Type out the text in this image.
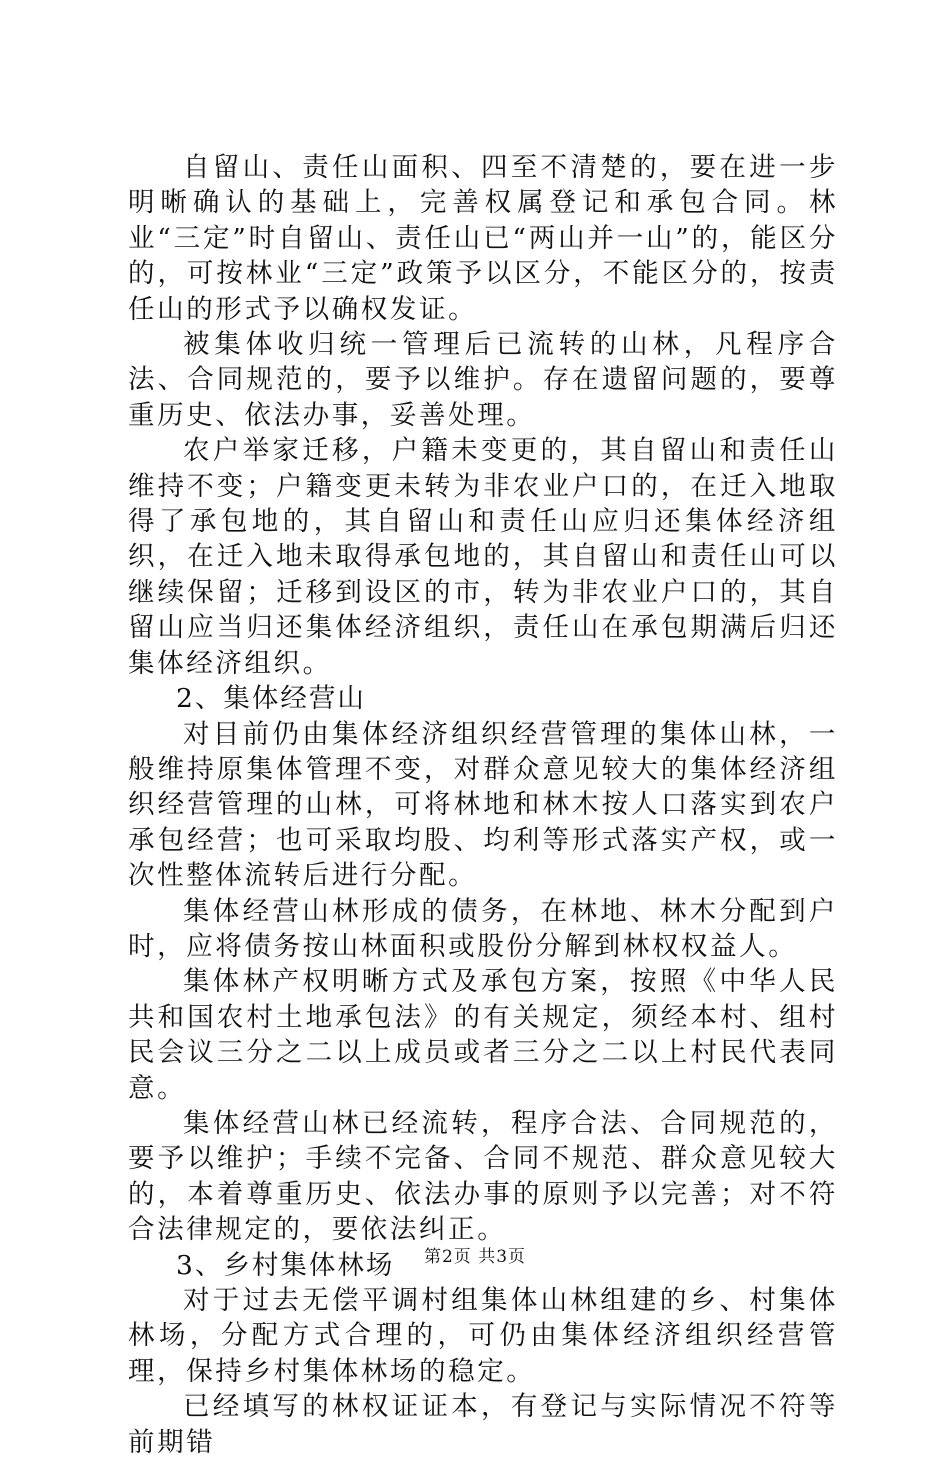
自留山、责任山面积、四至不清楚的，要在进一步明晰确认的基础上，完善权属登记和承包合同。林业“三定”时自留山、责任山已“两山并一山”的，能区分的，可按林业“三定”政策予以区分，不能区分的，按责任山的形式予以确权发证。

被集体收归统一管理后已流转的山林，凡程序合法、合同规范的，要予以维护。存在遗留问题的，要尊重历史、依法办事，妥善处理。

农户举家迁移，户籍未变更的，其自留山和责任山维持不变；户籍变更未转为非农业户口的，在迁入地取得了承包地的，其自留山和责任山应归还集体经济组织，在迁入地未取得承包地的，其自留山和责任山可以继续保留；迁移到设区的市，转为非农业户口的，其自留山应当归还集体经济组织，责任山在承包期满后归还集体经济组织。

2、集体经营山

对目前仍由集体经济组织经营管理的集体山林，一般维持原集体管理不变，对群众意见较大的集体经济组织经营管理的山林，可将林地和林木按人口落实到农户承包经营；也可采取均股、均利等形式落实产权，或一次性整体流转后进行分配。

集体经营山林形成的债务，在林地、林木分配到户时，应将债务按山林面积或股份分解到林权权益人。

集体林产权明晰方式及承包方案，按照《中华人民共和国农村土地承包法》的有关规定，须经本村、组村民会议三分之二以上成员或者三分之二以上村民代表同意。

集体经营山林已经流转，程序合法、合同规范的，要予以维护；手续不完备、合同不规范、群众意见较大的，本着尊重历史、依法办事的原则予以完善；对不符合法律规定的，要依法纠正。

3、乡村集体林场

对于过去无偿平调村组集体山林组建的乡、村集体林场，分配方式合理的，可仍由集体经济组织经营管理，保持乡村集体林场的稳定。

已经填写的林权证证本，有登记与实际情况不符等前期错

第2页 共3页
